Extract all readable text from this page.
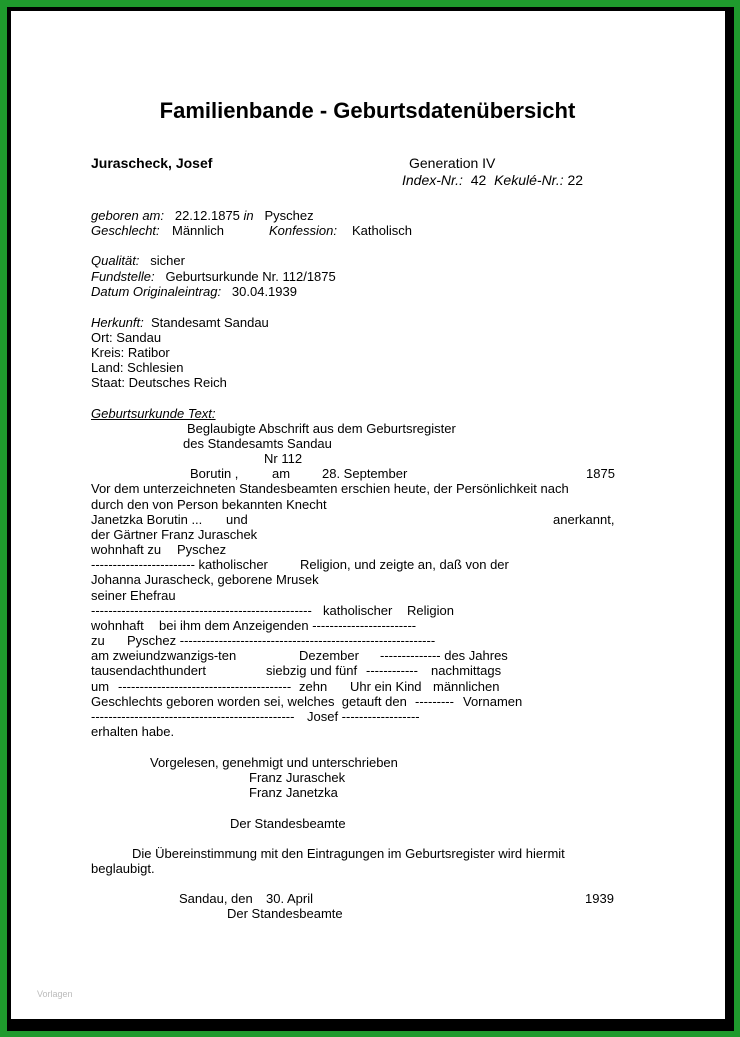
Familienbande - Geburtsdatenübersicht
Jurascheck, Josef	Generation IV
Index-Nr.: 42 Kekulé-Nr.: 22
geboren am: 22.12.1875 in Pyschez
Geschlecht: Männlich	Konfession: Katholisch
Qualität: sicher
Fundstelle: Geburtsurkunde Nr. 112/1875
Datum Originaleintrag: 30.04.1939
Herkunft: Standesamt Sandau
Ort: Sandau
Kreis: Ratibor
Land: Schlesien
Staat: Deutsches Reich
Geburtsurkunde Text:
Beglaubigte Abschrift aus dem Geburtsregister
des Standesamts Sandau
Nr 112
Borutin ,	am 28. September	1875
Vor dem unterzeichneten Standesbeamten erschien heute, der Persönlichkeit nach
durch den von Person bekannten Knecht
Janetzka Borutin ... und	anerkannt,
der Gärtner Franz Juraschek
wohnhaft zu Pyschez
------------------------ katholischer Religion, und zeigte an, daß von der
Johanna Jurascheck, geborene Mrusek
seiner Ehefrau
--------------------------------------------------- katholischer Religion
wohnhaft bei ihm dem Anzeigenden ------------------------
zu Pyschez -----------------------------------------------------------
am zweiundzwanzigs-ten	Dezember -------------- des Jahres
tausendachthundert	siebzig und fünf ------------ nachmittags
um ---------------------------------------- zehn Uhr ein Kind männlichen
Geschlechts geboren worden sei, welches  getauft den --------- Vornamen
----------------------------------------------- Josef ------------------
erhalten habe.
Vorgelesen, genehmigt und unterschrieben
Franz Juraschek
Franz Janetzka
Der Standesbeamte
Die Übereinstimmung mit den Eintragungen im Geburtsregister wird hiermit
beglaubigt.
Sandau, den 30. April	1939
Der Standesbeamte
Vorlagen
